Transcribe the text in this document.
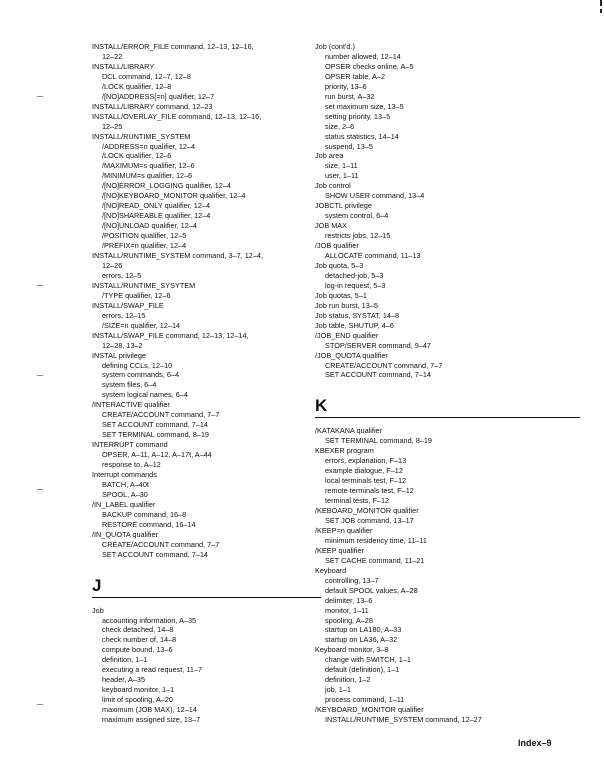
INSTALL/ERROR_FILE command, 12–13, 12–16,
12–22
INSTALL/LIBRARY
DCL command, 12–7, 12–8
/LOCK qualifier, 12–8
/[NO]ADDRESS[=n] qualifier, 12–7
INSTALL/LIBRARY command, 12–23
INSTALL/OVERLAY_FILE command, 12–13, 12–16,
12–25
INSTALL/RUNTIME_SYSTEM
/ADDRESS=n qualifier, 12–4
/LOCK qualifier, 12–6
/MAXIMUM=s qualifier, 12–6
/MINIMUM=s qualifier, 12–6
/[NO]ERROR_LOGGING qualifier, 12–4
/[NO]KEYBOARD_MONITOR qualifier, 12–4
/[NO]READ_ONLY qualifier, 12–4
/[NO]SHAREABLE qualifier, 12–4
/[NO]UNLOAD qualifier, 12–4
/POSITION qualifier, 12–5
/PREFIX=n qualifier, 12–4
INSTALL/RUNTIME_SYSTEM command, 3–7, 12–4,
12–26
errors, 12–5
INSTALL/RUNTIME_SYSYTEM
/TYPE qualifier, 12–6
INSTALL/SWAP_FILE
errors, 12–15
/SIZE=n qualifier, 12–14
INSTALL/SWAP_FILE command, 12–13, 12–14,
12–28, 13–2
INSTAL privilege
defining CCLs, 12–10
system commands, 6–4
system files, 6–4
system logical names, 6–4
/INTERACTIVE qualifier
CREATE/ACCOUNT command, 7–7
SET ACCOUNT command, 7–14
SET TERMINAL command, 8–19
INTERRUPT command
OPSER, A–11, A–12, A–17t, A–44
response to, A–12
Interrupt commands
BATCH, A–40t
SPOOL, A–30
/IN_LABEL qualifier
BACKUP command, 16–8
RESTORE command, 16–14
/IN_QUOTA qualifier
CREATE/ACCOUNT command, 7–7
SET ACCOUNT command, 7–14
J
Job
accounting information, A–35
check detached, 14–8
check number of, 14–8
compute bound, 13–6
definition, 1–1
executing a read request, 11–7
header, A–35
keyboard monitor, 1–1
limit of spooling, A–20
maximum (JOB MAX), 12–14
maximum assigned size, 13–7
Job (cont'd.)
number allowed, 12–14
OPSER checks online, A–5
OPSER table, A–2
priority, 13–6
run burst, A–32
set maximum size, 13–5
setting priority, 13–5
size, 2–6
status statistics, 14–14
suspend, 13–5
Job area
size, 1–11
user, 1–11
Job control
SHOW USER command, 13–4
JOBCTL privilege
system control, 6–4
JOB MAX
restricts jobs, 12–15
/JOB qualifier
ALLOCATE command, 11–13
Job quota, 5–3
detached-job, 5–3
log-in request, 5–3
Job quotas, 5–1
Job run burst, 13–5
Job status, SYSTAT, 14–8
Job table, SHUTUP, 4–6
/JOB_END qualifier
STOP/SERVER command, 9–47
/JOB_QUOTA qualifier
CREATE/ACCOUNT command, 7–7
SET ACCOUNT command, 7–14
K
/KATAKANA qualifier
SET TERMINAL command, 8–19
KBEXER program
errors, explanation, F–13
example dialogue, F–12
local terminals test, F–12
remote terminals test, F–12
terminal tests, F–12
/KEBOARD_MONITOR qualifier
SET JOB command, 13–17
/KEEP=n qualifier
minimum residency time, 11–11
/KEEP qualifier
SET CACHE command, 11–21
Keyboard
controlling, 13–7
default SPOOL values, A–28
delimiter, 13–6
monitor, 1–11
spooling, A–28
startup on LA180, A–33
startup on LA36, A–32
Keyboard monitor, 3–8
change with SWITCH, 1–1
default (definition), 1–1
definition, 1–2
job, 1–1
process command, 1–11
/KEYBOARD_MONITOR qualifier
INSTALL/RUNTIME_SYSTEM command, 12–27
Index–9
